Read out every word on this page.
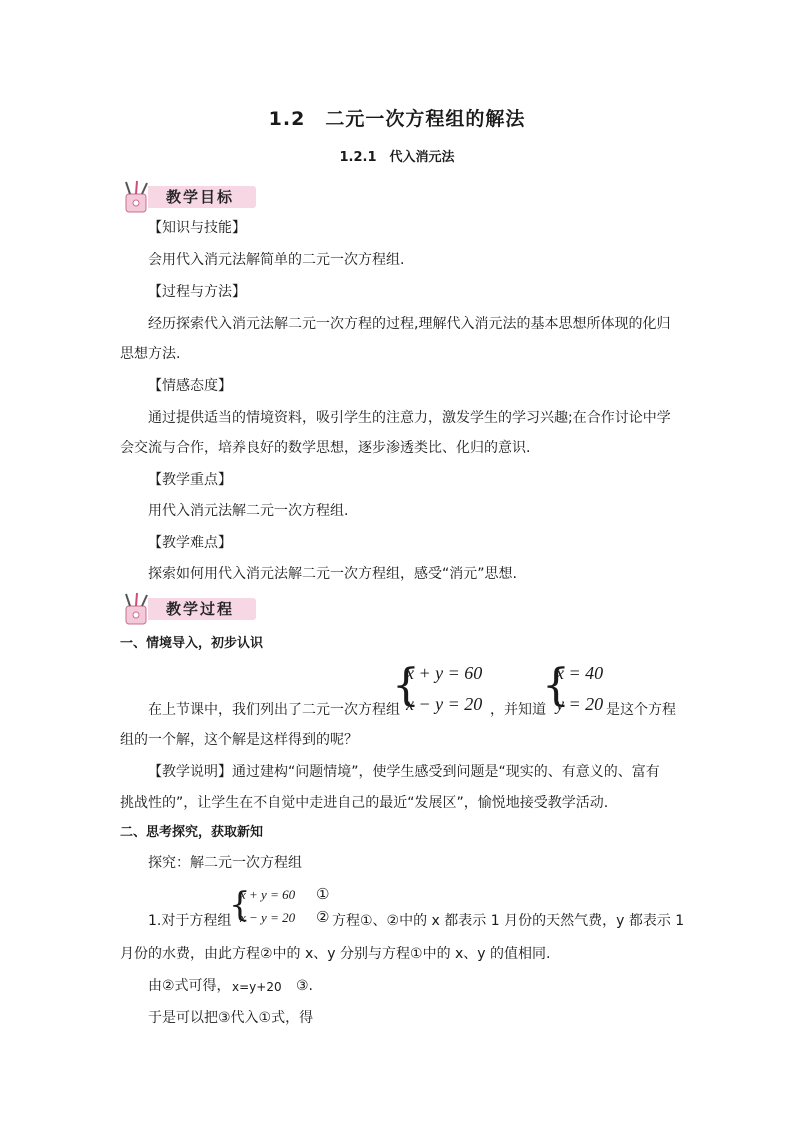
1.2　二元一次方程组的解法
1.2.1　代入消元法
教学目标
【知识与技能】
会用代入消元法解简单的二元一次方程组.
【过程与方法】
经历探索代入消元法解二元一次方程的过程,理解代入消元法的基本思想所体现的化归
思想方法.
【情感态度】
通过提供适当的情境资料，吸引学生的注意力，激发学生的学习兴趣;在合作讨论中学
会交流与合作，培养良好的数学思想，逐步渗透类比、化归的意识.
【教学重点】
用代入消元法解二元一次方程组.
【教学难点】
探索如何用代入消元法解二元一次方程组，感受“消元”思想.
教学过程
一、情境导入，初步认识
在上节课中，我们列出了二元一次方程组
{
x + y = 60
x − y = 20 ，并知道
{
x = 40
y = 20 是这个方程
组的一个解，这个解是这样得到的呢？
【教学说明】通过建构“问题情境”，使学生感受到问题是“现实的、有意义的、富有
挑战性的”，让学生在不自觉中走进自己的最近“发展区”，愉悦地接受教学活动.
二、思考探究，获取新知
探究：解二元一次方程组
1.对于方程组
{
x + y = 60
x − y = 20
①
② 方程①、②中的 x 都表示 1 月份的天然气费，y 都表示 1
月份的水费，由此方程②中的 x、y 分别与方程①中的 x、y 的值相同.
由②式可得， x=y+20 ③.
于是可以把③代入①式，得
